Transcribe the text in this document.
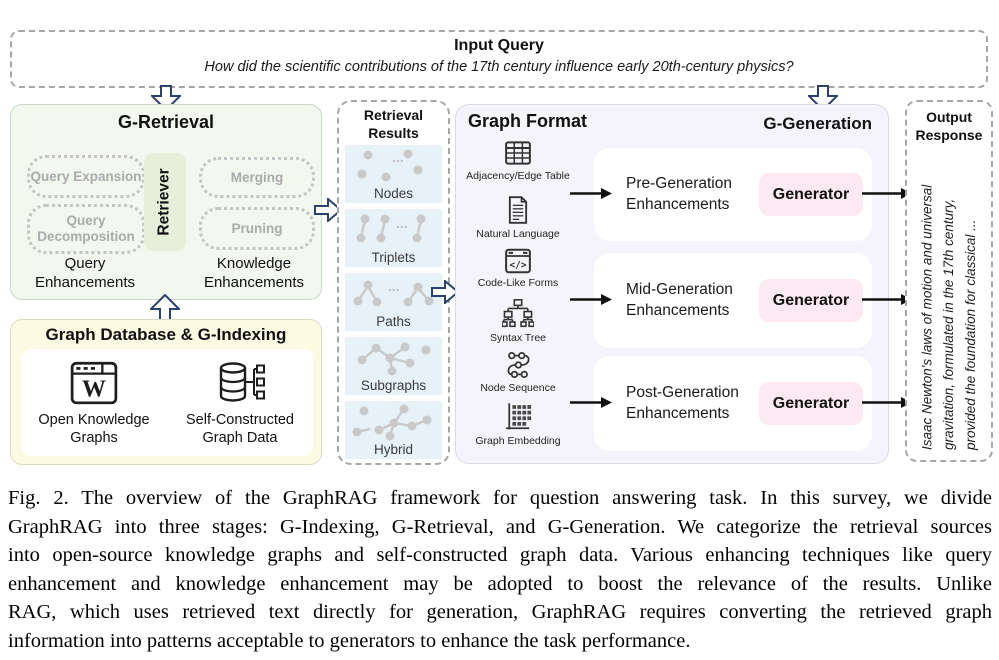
Input Query
How did the scientific contributions of the 17th century influence early 20th-century physics?
G-Retrieval
Query Expansion
Query Decomposition
Retriever	Merging
Pruning
Query Enhancements
Knowledge Enhancements
Graph Database & G-Indexing
W
Open Knowledge Graphs
Self-Constructed Graph Data
Retrieval Results
...
Nodes
...
Triplets
...
Paths
Subgraphs
Hybrid
Graph Format	G-Generation
Adjacency/Edge Table
Natural Language
</>
Code-Like Forms
Syntax Tree
Node Sequence
Graph Embedding
Pre-Generation Enhancements
Generator
Mid-Generation Enhancements
Generator
Post-Generation Enhancements
Generator
Output Response
Isaac Newton's laws of motion and universal gravitation, formulated in the 17th century, provided the foundation for classical ...
Fig. 2. The overview of the GraphRAG framework for question answering task. In this survey, we divide
GraphRAG into three stages: G-Indexing, G-Retrieval, and G-Generation. We categorize the retrieval sources
into open-source knowledge graphs and self-constructed graph data. Various enhancing techniques like query
enhancement and knowledge enhancement may be adopted to boost the relevance of the results. Unlike
RAG, which uses retrieved text directly for generation, GraphRAG requires converting the retrieved graph
information into patterns acceptable to generators to enhance the task performance.
